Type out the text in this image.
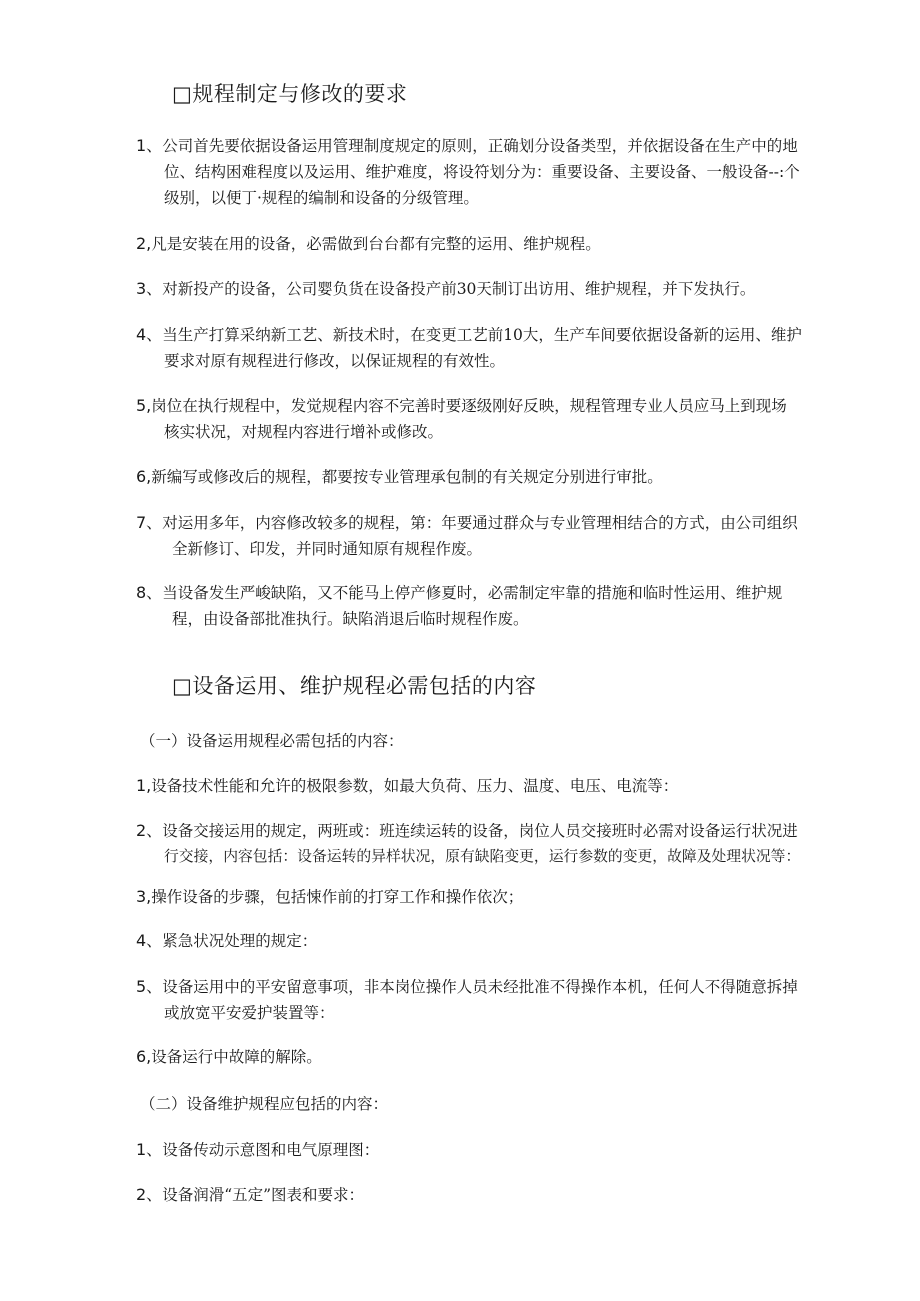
□规程制定与修改的要求
1、公司首先要依据设备运用管理制度规定的原则，正确划分设备类型，并依据设备在生产中的地
位、结构困难程度以及运用、维护难度，将设符划分为：重要设备、主要设备、一般设备--:个
级别，以便丁·规程的编制和设备的分级管理。
2,凡是安装在用的设备，必需做到台台都有完整的运用、维护规程。
3、对新投产的设备，公司婴负货在设备投产前30天制订出访用、维护规程，并下发执行。
4、当生产打算采纳新工艺、新技术时，在变更工艺前10大，生产车间要依据设备新的运用、维护
要求对原有规程进行修改，以保证规程的有效性。
5,岗位在执行规程中，发觉规程内容不完善时要逐级刚好反映，规程管理专业人员应马上到现场
核实状况，对规程内容进行增补或修改。
6,新编写或修改后的规程，都要按专业管理承包制的有关规定分别进行审批。
7、对运用多年，内容修改较多的规程，第：年要通过群众与专业管理相结合的方式，由公司组织
全新修订、印发，并同时通知原有规程作废。
8、当设备发生严峻缺陷，又不能马上停产修夏时，必需制定牢靠的措施和临时性运用、维护规
程，由设备部批准执行。缺陷消退后临时规程作废。
□设备运用、维护规程必需包括的内容
（一）设备运用规程必需包括的内容：
1,设备技术性能和允许的极限参数，如最大负荷、压力、温度、电压、电流等：
2、设备交接运用的规定，两班或：班连续运转的设备，岗位人员交接班时必需对设备运行状况进
行交接，内容包括：设备运转的异样状况，原有缺陷变更，运行参数的变更，故障及处理状况等：
3,操作设备的步骤，包括悚作前的打穿工作和操作依次；
4、紧急状况处理的规定：
5、设备运用中的平安留意事项，非本岗位操作人员未经批准不得操作本机，任何人不得随意拆掉
或放宽平安爱护装置等：
6,设备运行中故障的解除。
（二）设备维护规程应包括的内容：
1、设备传动示意图和电气原理图：
2、设备润滑“五定”图表和要求：
